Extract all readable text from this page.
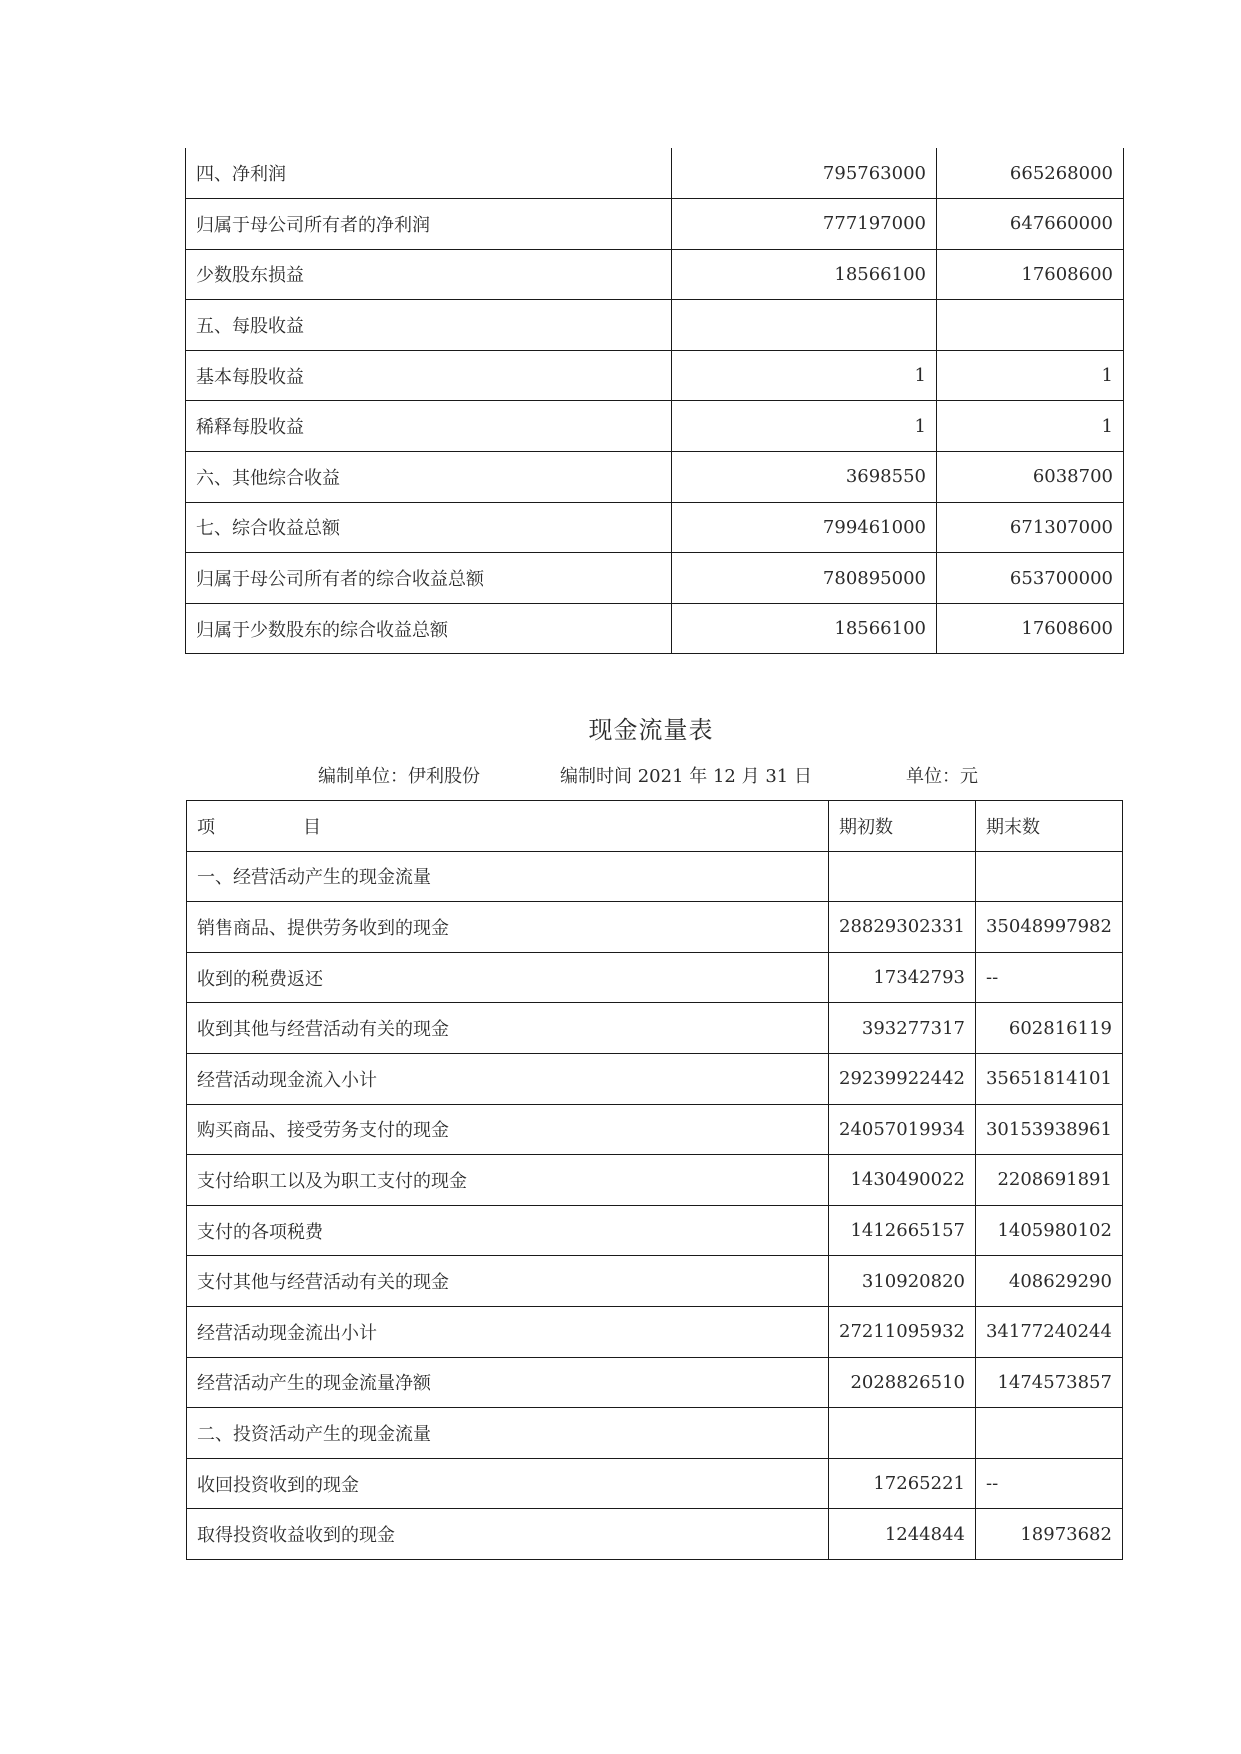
四、净利润	795763000	665268000
归属于母公司所有者的净利润	777197000	647660000
少数股东损益	18566100	17608600
五、每股收益		
基本每股收益	1	1
稀释每股收益	1	1
六、其他综合收益	3698550	6038700
七、综合收益总额	799461000	671307000
归属于母公司所有者的综合收益总额	780895000	653700000
归属于少数股东的综合收益总额	18566100	17608600
现金流量表
编制单位：伊利股份	编制时间 2021 年 12 月 31 日	单位：元
项 目	期初数	期末数
一、经营活动产生的现金流量		
销售商品、提供劳务收到的现金	28829302331	35048997982
收到的税费返还	17342793	--
收到其他与经营活动有关的现金	393277317	602816119
经营活动现金流入小计	29239922442	35651814101
购买商品、接受劳务支付的现金	24057019934	30153938961
支付给职工以及为职工支付的现金	1430490022	2208691891
支付的各项税费	1412665157	1405980102
支付其他与经营活动有关的现金	310920820	408629290
经营活动现金流出小计	27211095932	34177240244
经营活动产生的现金流量净额	2028826510	1474573857
二、投资活动产生的现金流量		
收回投资收到的现金	17265221	--
取得投资收益收到的现金	1244844	18973682
